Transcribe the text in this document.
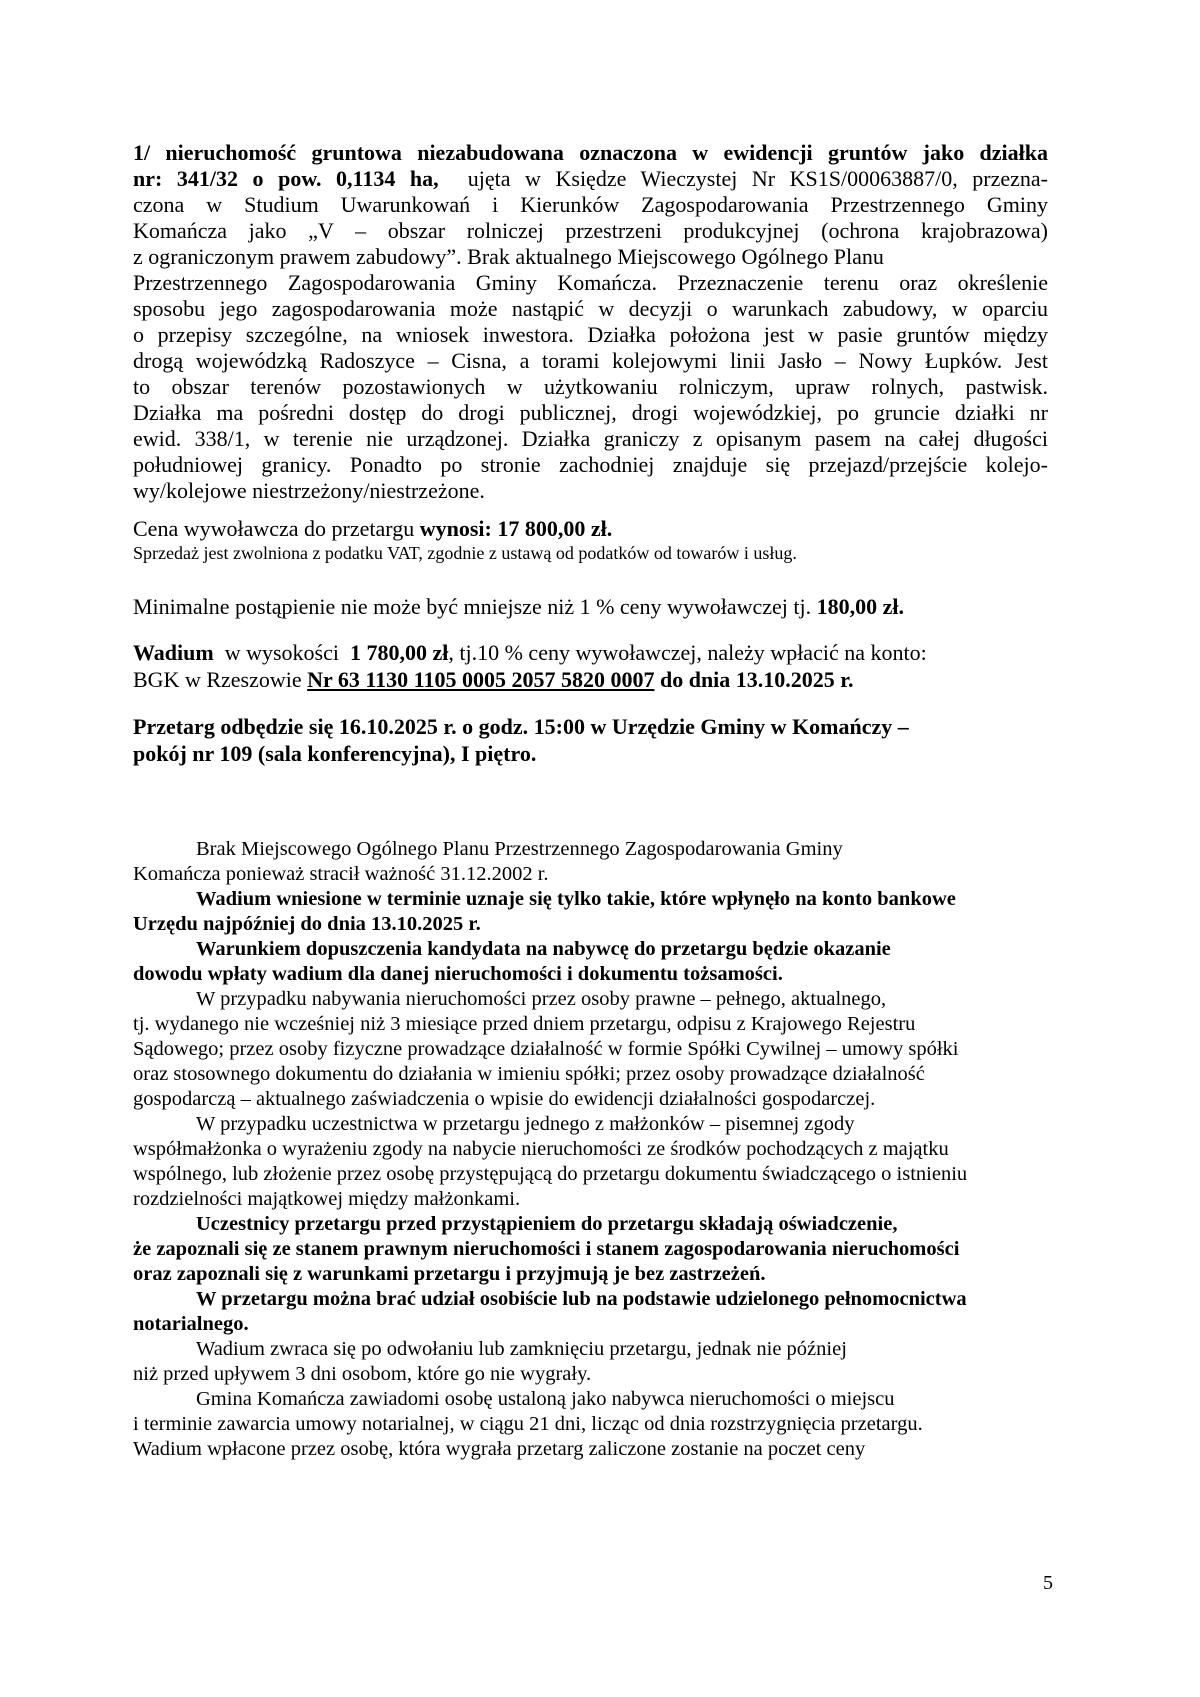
1/ nieruchomość gruntowa niezabudowana oznaczona w ewidencji gruntów jako działka
nr: 341/32 o pow. 0,1134 ha,  ujęta w Księdze Wieczystej Nr KS1S/00063887/0, przezna-
czona w Studium Uwarunkowań i Kierunków Zagospodarowania Przestrzennego Gminy
Komańcza jako „V – obszar rolniczej przestrzeni produkcyjnej (ochrona krajobrazowa)
z ograniczonym prawem zabudowy”. Brak aktualnego Miejscowego Ogólnego Planu
Przestrzennego Zagospodarowania Gminy Komańcza. Przeznaczenie terenu oraz określenie
sposobu jego zagospodarowania może nastąpić w decyzji o warunkach zabudowy, w oparciu
o przepisy szczególne, na wniosek inwestora. Działka położona jest w pasie gruntów między
drogą wojewódzką Radoszyce – Cisna, a torami kolejowymi linii Jasło – Nowy Łupków. Jest
to obszar terenów pozostawionych w użytkowaniu rolniczym, upraw rolnych, pastwisk.
Działka ma pośredni dostęp do drogi publicznej, drogi wojewódzkiej, po gruncie działki nr
ewid. 338/1, w terenie nie urządzonej. Działka graniczy z opisanym pasem na całej długości
południowej granicy. Ponadto po stronie zachodniej znajduje się przejazd/przejście kolejo-
wy/kolejowe niestrzeżony/niestrzeżone.
Cena wywoławcza do przetargu wynosi: 17 800,00 zł.
Sprzedaż jest zwolniona z podatku VAT, zgodnie z ustawą od podatków od towarów i usług.
Minimalne postąpienie nie może być mniejsze niż 1 % ceny wywoławczej tj. 180,00 zł.
Wadium  w wysokości  1 780,00 zł, tj.10 % ceny wywoławczej, należy wpłacić na konto:
BGK w Rzeszowie Nr 63 1130 1105 0005 2057 5820 0007 do dnia 13.10.2025 r.
Przetarg odbędzie się 16.10.2025 r. o godz. 15:00 w Urzędzie Gminy w Komańczy –
pokój nr 109 (sala konferencyjna), I piętro.
Brak Miejscowego Ogólnego Planu Przestrzennego Zagospodarowania Gminy
Komańcza ponieważ stracił ważność 31.12.2002 r.
Wadium wniesione w terminie uznaje się tylko takie, które wpłynęło na konto bankowe
Urzędu najpóźniej do dnia 13.10.2025 r.
Warunkiem dopuszczenia kandydata na nabywcę do przetargu będzie okazanie
dowodu wpłaty wadium dla danej nieruchomości i dokumentu tożsamości.
W przypadku nabywania nieruchomości przez osoby prawne – pełnego, aktualnego,
tj. wydanego nie wcześniej niż 3 miesiące przed dniem przetargu, odpisu z Krajowego Rejestru
Sądowego; przez osoby fizyczne prowadzące działalność w formie Spółki Cywilnej – umowy spółki
oraz stosownego dokumentu do działania w imieniu spółki; przez osoby prowadzące działalność
gospodarczą – aktualnego zaświadczenia o wpisie do ewidencji działalności gospodarczej.
W przypadku uczestnictwa w przetargu jednego z małżonków – pisemnej zgody
współmałżonka o wyrażeniu zgody na nabycie nieruchomości ze środków pochodzących z majątku
wspólnego, lub złożenie przez osobę przystępującą do przetargu dokumentu świadczącego o istnieniu
rozdzielności majątkowej między małżonkami.
Uczestnicy przetargu przed przystąpieniem do przetargu składają oświadczenie,
że zapoznali się ze stanem prawnym nieruchomości i stanem zagospodarowania nieruchomości
oraz zapoznali się z warunkami przetargu i przyjmują je bez zastrzeżeń.
W przetargu można brać udział osobiście lub na podstawie udzielonego pełnomocnictwa
notarialnego.
Wadium zwraca się po odwołaniu lub zamknięciu przetargu, jednak nie później
niż przed upływem 3 dni osobom, które go nie wygrały.
Gmina Komańcza zawiadomi osobę ustaloną jako nabywca nieruchomości o miejscu
i terminie zawarcia umowy notarialnej, w ciągu 21 dni, licząc od dnia rozstrzygnięcia przetargu.
Wadium wpłacone przez osobę, która wygrała przetarg zaliczone zostanie na poczet ceny
5
